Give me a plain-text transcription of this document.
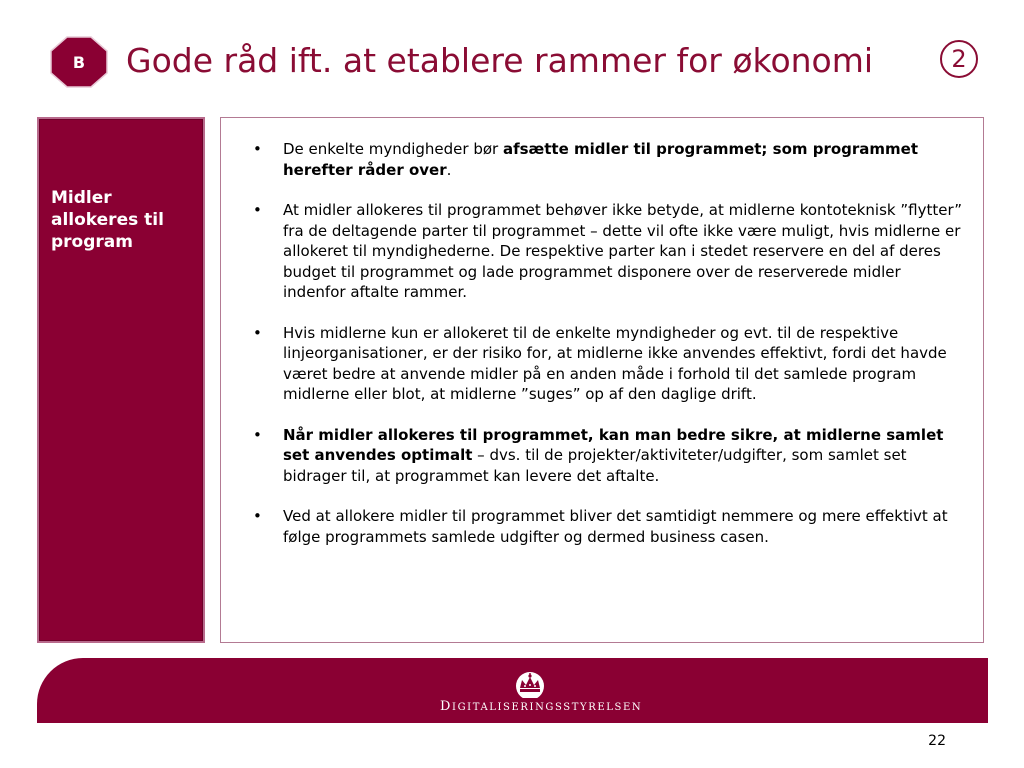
B	Gode råd ift. at etablere rammer for økonomi	2
Midler allokeres til program
•	De enkelte myndigheder bør afsætte midler til programmet; som programmet herefter råder over.
•	At midler allokeres til programmet behøver ikke betyde, at midlerne kontoteknisk ”flytter” fra de deltagende parter til programmet – dette vil ofte ikke være muligt, hvis midlerne er allokeret til myndighederne. De respektive parter kan i stedet reservere en del af deres budget til programmet og lade programmet disponere over de reserverede midler indenfor aftalte rammer.
•	Hvis midlerne kun er allokeret til de enkelte myndigheder og evt. til de respektive linjeorganisationer, er der risiko for, at midlerne ikke anvendes effektivt, fordi det havde været bedre at anvende midler på en anden måde i forhold til det samlede program midlerne eller blot, at midlerne ”suges” op af den daglige drift.
•	Når midler allokeres til programmet, kan man bedre sikre, at midlerne samlet set anvendes optimalt – dvs. til de projekter/aktiviteter/udgifter, som samlet set bidrager til, at programmet kan levere det aftalte.
•	Ved at allokere midler til programmet bliver det samtidigt nemmere og mere effektivt at følge programmets samlede udgifter og dermed business casen.
DIGITALISERINGSSTYRELSEN
22
